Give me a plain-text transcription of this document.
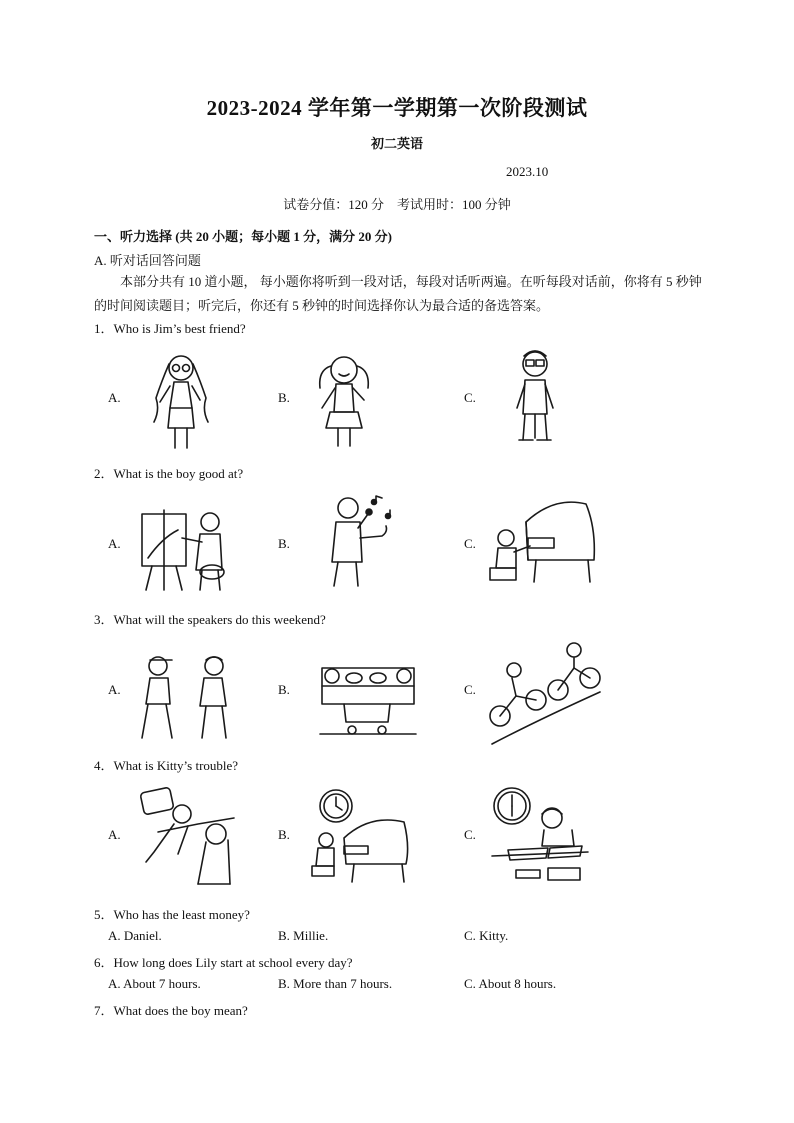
2023-2024 学年第一学期第一次阶段测试
初二英语
2023.10
试卷分值：120 分　考试用时：100 分钟
一、听力选择 (共 20 小题；每小题 1 分，满分 20 分)
A. 听对话回答问题
本部分共有 10 道小题， 每小题你将听到一段对话，每段对话听两遍。在听每段对话前，你将有 5 秒钟的时间阅读题目；听完后，你还有 5 秒钟的时间选择你认为最合适的备选答案。
1．Who is Jim’s best friend?
A.	B.	C.
2．What is the boy good at?
A.	B.	C.
3．What will the speakers do this weekend?
A.	B.	C.
4．What is Kitty’s trouble?
A.	B.	C.
5．Who has the least money?
A. Daniel.	B. Millie.	C. Kitty.
6．How long does Lily start at school every day?
A. About 7 hours.	B. More than 7 hours.	C. About 8 hours.
7．What does the boy mean?
